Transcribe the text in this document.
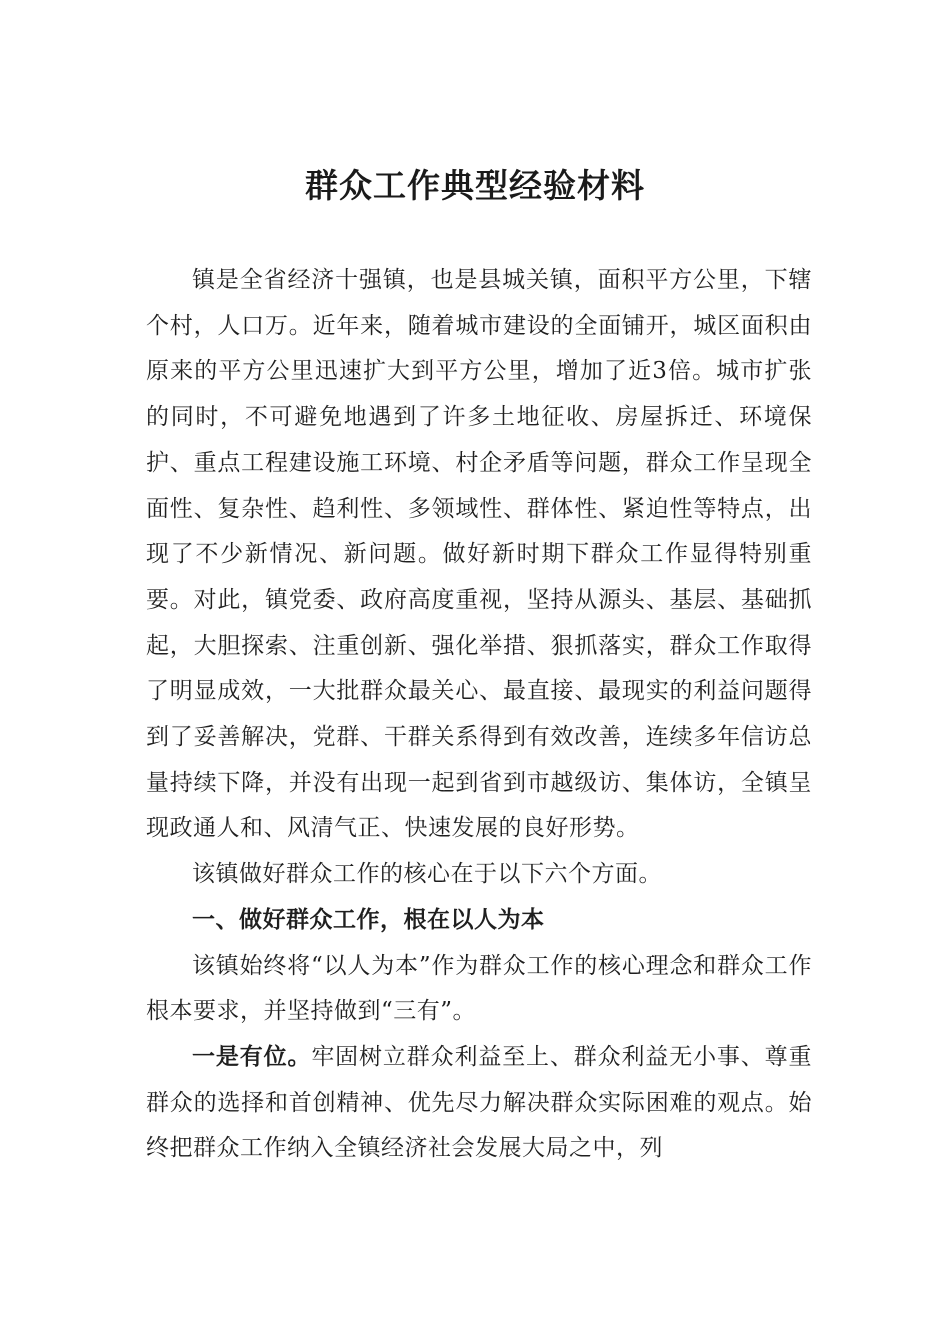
群众工作典型经验材料

镇是全省经济十强镇，也是县城关镇，面积平方公里，下辖个村，人口万。近年来，随着城市建设的全面铺开，城区面积由原来的平方公里迅速扩大到平方公里，增加了近3倍。城市扩张的同时，不可避免地遇到了许多土地征收、房屋拆迁、环境保护、重点工程建设施工环境、村企矛盾等问题，群众工作呈现全面性、复杂性、趋利性、多领域性、群体性、紧迫性等特点，出现了不少新情况、新问题。做好新时期下群众工作显得特别重要。对此，镇党委、政府高度重视，坚持从源头、基层、基础抓起，大胆探索、注重创新、强化举措、狠抓落实，群众工作取得了明显成效，一大批群众最关心、最直接、最现实的利益问题得到了妥善解决，党群、干群关系得到有效改善，连续多年信访总量持续下降，并没有出现一起到省到市越级访、集体访，全镇呈现政通人和、风清气正、快速发展的良好形势。

该镇做好群众工作的核心在于以下六个方面。

一、做好群众工作，根在以人为本

该镇始终将“以人为本”作为群众工作的核心理念和群众工作根本要求，并坚持做到“三有”。

一是有位。牢固树立群众利益至上、群众利益无小事、尊重群众的选择和首创精神、优先尽力解决群众实际困难的观点。始终把群众工作纳入全镇经济社会发展大局之中，列
